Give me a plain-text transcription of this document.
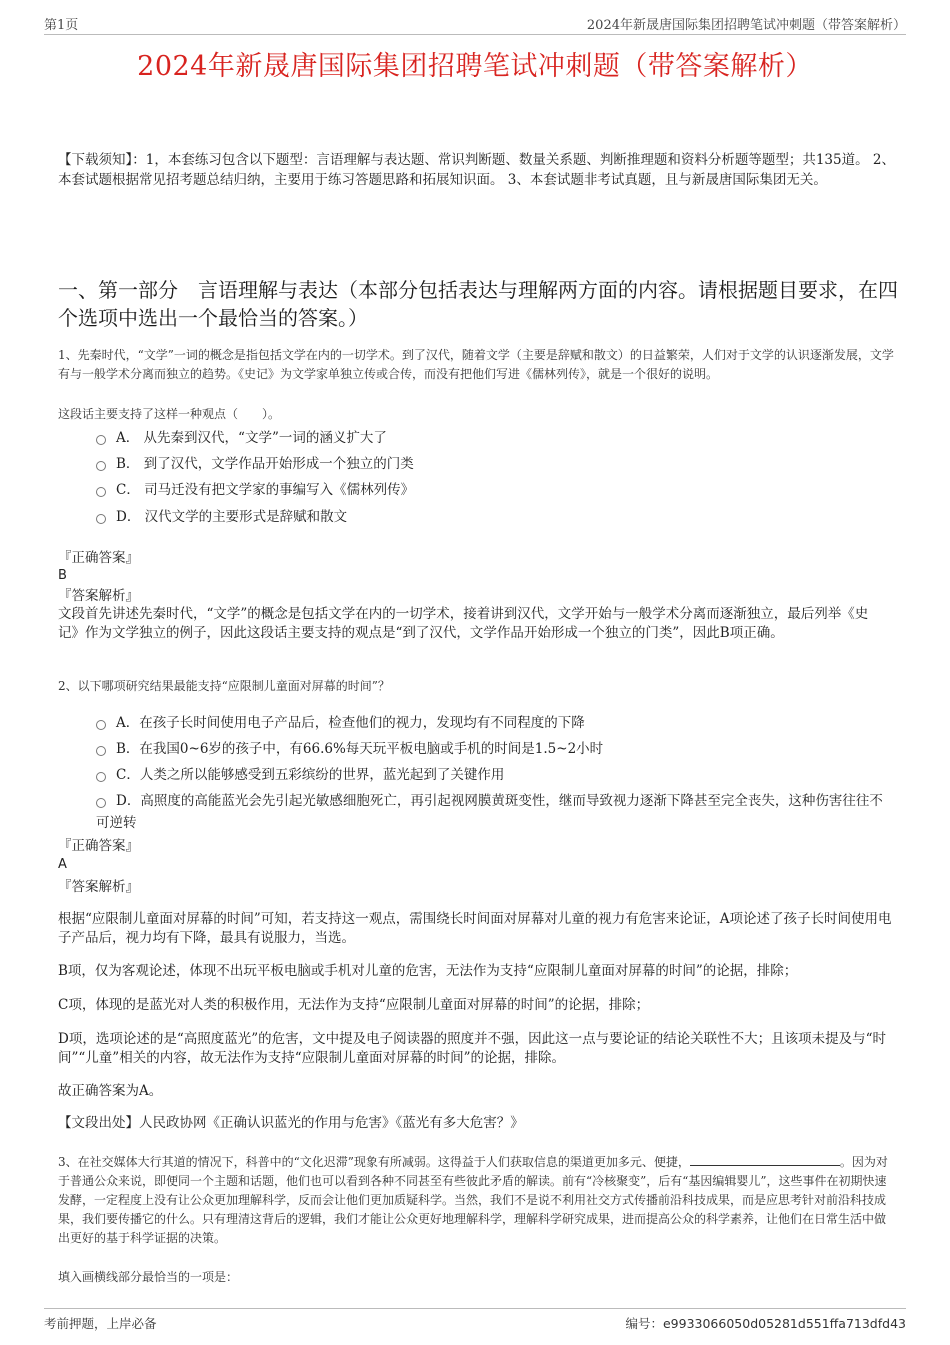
第1页	2024年新晟唐国际集团招聘笔试冲刺题（带答案解析）
2024年新晟唐国际集团招聘笔试冲刺题（带答案解析）
【下载须知】：1，本套练习包含以下题型：言语理解与表达题、常识判断题、数量关系题、判断推理题和资料分析题等题型；共135道。 2、本套试题根据常见招考题总结归纳，主要用于练习答题思路和拓展知识面。 3、本套试题非考试真题，且与新晟唐国际集团无关。
一、第一部分　言语理解与表达（本部分包括表达与理解两方面的内容。请根据题目要求，在四个选项中选出一个最恰当的答案。）
1、先秦时代，“文学”一词的概念是指包括文学在内的一切学术。到了汉代，随着文学（主要是辞赋和散文）的日益繁荣，人们对于文学的认识逐渐发展，文学有与一般学术分离而独立的趋势。《史记》为文学家单独立传或合传，而没有把他们写进《儒林列传》，就是一个很好的说明。
这段话主要支持了这样一种观点（　　）。
A． 从先秦到汉代，“文学”一词的涵义扩大了
B． 到了汉代，文学作品开始形成一个独立的门类
C． 司马迁没有把文学家的事编写入《儒林列传》
D． 汉代文学的主要形式是辞赋和散文
『正确答案』
B
『答案解析』
文段首先讲述先秦时代，“文学”的概念是包括文学在内的一切学术，接着讲到汉代，文学开始与一般学术分离而逐渐独立，最后列举《史记》作为文学独立的例子，因此这段话主要支持的观点是“到了汉代，文学作品开始形成一个独立的门类”，因此B项正确。
2、以下哪项研究结果最能支持“应限制儿童面对屏幕的时间”？
A．在孩子长时间使用电子产品后，检查他们的视力，发现均有不同程度的下降
B．在我国0~6岁的孩子中，有66.6%每天玩平板电脑或手机的时间是1.5~2小时
C．人类之所以能够感受到五彩缤纷的世界，蓝光起到了关键作用
D．高照度的高能蓝光会先引起光敏感细胞死亡，再引起视网膜黄斑变性，继而导致视力逐渐下降甚至完全丧失，这种伤害往往不可逆转
『正确答案』
A
『答案解析』
根据“应限制儿童面对屏幕的时间”可知，若支持这一观点，需围绕长时间面对屏幕对儿童的视力有危害来论证，A项论述了孩子长时间使用电子产品后，视力均有下降，最具有说服力，当选。
B项，仅为客观论述，体现不出玩平板电脑或手机对儿童的危害，无法作为支持“应限制儿童面对屏幕的时间”的论据，排除；
C项，体现的是蓝光对人类的积极作用，无法作为支持“应限制儿童面对屏幕的时间”的论据，排除；
D项，选项论述的是“高照度蓝光”的危害，文中提及电子阅读器的照度并不强，因此这一点与要论证的结论关联性不大；且该项未提及与“时间”“儿童”相关的内容，故无法作为支持“应限制儿童面对屏幕的时间”的论据，排除。
故正确答案为A。
【文段出处】人民政协网《正确认识蓝光的作用与危害》《蓝光有多大危害？》
3、在社交媒体大行其道的情况下，科普中的“文化迟滞”现象有所减弱。这得益于人们获取信息的渠道更加多元、便捷，	。因为对于普通公众来说，即便同一个主题和话题，他们也可以看到各种不同甚至有些彼此矛盾的解读。前有“冷核聚变”，后有“基因编辑婴儿”，这些事件在初期快速发酵，一定程度上没有让公众更加理解科学，反而会让他们更加质疑科学。当然，我们不是说不利用社交方式传播前沿科技成果，而是应思考针对前沿科技成果，我们要传播它的什么。只有理清这背后的逻辑，我们才能让公众更好地理解科学，理解科学研究成果，进而提高公众的科学素养，让他们在日常生活中做出更好的基于科学证据的决策。
填入画横线部分最恰当的一项是：
考前押题，上岸必备	编号：e9933066050d05281d551ffa713dfd43
